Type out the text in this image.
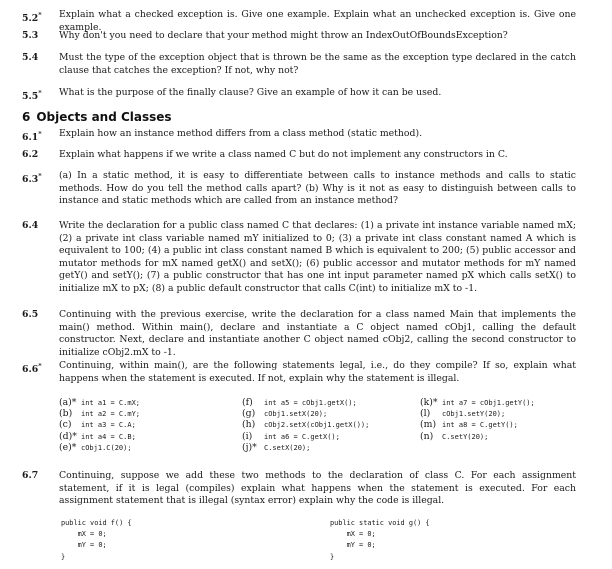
5.2* Explain what a checked exception is. Give one example. Explain what an unchecked exception is. Give one example.
5.3 Why don't you need to declare that your method might throw an IndexOutOfBoundsException?
5.4 Must the type of the exception object that is thrown be the same as the exception type declared in the catch clause that catches the exception? If not, why not?
5.5* What is the purpose of the finally clause? Give an example of how it can be used.
6 Objects and Classes
6.1* Explain how an instance method differs from a class method (static method).
6.2 Explain what happens if we write a class named C but do not implement any constructors in C.
6.3* (a) In a static method, it is easy to differentiate between calls to instance methods and calls to static methods. How do you tell the method calls apart? (b) Why is it not as easy to distinguish between calls to instance and static methods which are called from an instance method?
6.4 Write the declaration for a public class named C that declares: (1) a private int instance variable named mX; (2) a private int class variable named mY initialized to 0; (3) a private int class constant named A which is equivalent to 100; (4) a public int class constant named B which is equivalent to 200; (5) public accessor and mutator methods for mX named getX() and setX(); (6) public accessor and mutator methods for mY named getY() and setY(); (7) a public constructor that has one int input parameter named pX which calls setX() to initialize mX to pX; (8) a public default constructor that calls C(int) to initialize mX to -1.
6.5 Continuing with the previous exercise, write the declaration for a class named Main that implements the main() method. Within main(), declare and instantiate a C object named cObj1, calling the default constructor. Next, declare and instantiate another C object named cObj2, calling the second constructor to initialize cObj2.mX to -1.
6.6* Continuing, within main(), are the following statements legal, i.e., do they compile? If so, explain what happens when the statement is executed. If not, explain why the statement is illegal.
(a)* int a1 = C.mX;
(b) int a2 = C.mY;
(c) int a3 = C.A;
(d)* int a4 = C.B;
(e)* cObj1.C(20);
(f) int a5 = cObj1.getX();
(g) cObj1.setX(20);
(h) cObj2.setX(cObj1.getX());
(i) int a6 = C.getX();
(j)* C.setX(20);
(k)* int a7 = cObj1.getY();
(l) cObj1.setY(20);
(m) int a8 = C.getY();
(n) C.setY(20);
6.7 Continuing, suppose we add these two methods to the declaration of class C. For each assignment statement, if it is legal (compiles) explain what happens when the statement is executed. For each assignment statement that is illegal (syntax error) explain why the code is illegal.
public void f() {
mX = 0;
mY = 0;
}
public static void g() {
mX = 0;
mY = 0;
}
